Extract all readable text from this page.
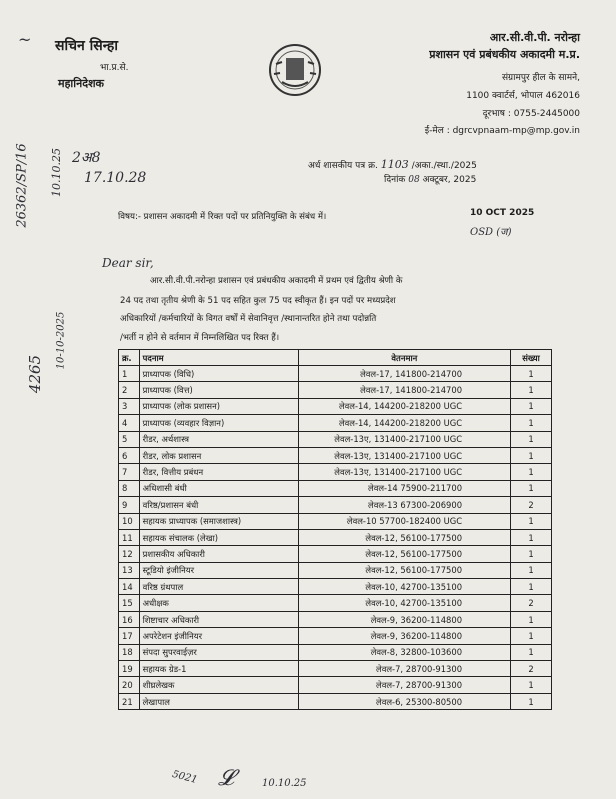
~ सचिन सिन्हा
भा.प्र.से.
महानिदेशक
आर.सी.वी.पी. नरोन्हा
प्रशासन एवं प्रबंधकीय अकादमी म.प्र.
संग्रामपुर हील के सामने,
1100 क्वार्टर्स, भोपाल 462016
दूरभाष : 0755-2445000
ई-मेल : dgrcvpnaam-mp@mp.gov.in
2अ8
17.10.28
26362/SP/16 10.10.25	अर्ध शासकीय पत्र क्र. 1103 /अका./स्था./2025
दिनांक 08 अक्टूबर, 2025
विषय:- प्रशासन अकादमी में रिक्त पदों पर प्रतिनियुक्ति के संबंध में।	10 OCT 2025
OSD (ज)
Dear sir,
4265
10-10-2025
आर.सी.वी.पी.नरोन्हा प्रशासन एवं प्रबंधकीय अकादमी में प्रथम एवं द्वितीय श्रेणी के
24 पद तथा तृतीय श्रेणी के 51 पद सहित कुल 75 पद स्वीकृत हैं। इन पदों पर मध्यप्रदेश
अधिकारियों /कर्मचारियों के विगत वर्षों में सेवानिवृत्त /स्थानान्तरित होने तथा पदोन्नति
/भर्ती न होने से वर्तमान में निम्नलिखित पद रिक्त हैं।
क्र.	पदनाम	वेतनमान	संख्या
1	प्राध्यापक (विधि)	लेवल-17, 141800-214700	1
2	प्राध्यापक (वित्त)	लेवल-17, 141800-214700	1
3	प्राध्यापक (लोक प्रशासन)	लेवल-14, 144200-218200 UGC	1
4	प्राध्यापक (व्यवहार विज्ञान)	लेवल-14, 144200-218200 UGC	1
5	रीडर, अर्थशास्त्र	लेवल-13ए, 131400-217100 UGC	1
6	रीडर, लोक प्रशासन	लेवल-13ए, 131400-217100 UGC	1
7	रीडर, वित्तीय प्रबंधन	लेवल-13ए, 131400-217100 UGC	1
8	अधिशासी बंधी	लेवल-14 75900-211700	1
9	वरिष्ठ/प्रशासन बंधी	लेवल-13 67300-206900	2
10	सहायक प्राध्यापक (समाजशास्त्र)	लेवल-10 57700-182400 UGC	1
11	सहायक संचालक (लेखा)	लेवल-12, 56100-177500	1
12	प्रशासकीय अधिकारी	लेवल-12, 56100-177500	1
13	स्टूडियो इंजीनियर	लेवल-12, 56100-177500	1
14	वरिष्ठ ग्रंथपाल	लेवल-10, 42700-135100	1
15	अधीक्षक	लेवल-10, 42700-135100	2
16	शिष्टाचार अधिकारी	लेवल-9, 36200-114800	1
17	अपरेटेशन इंजीनियर	लेवल-9, 36200-114800	1
18	संपदा सुपरवाईज़र	लेवल-8, 32800-103600	1
19	सहायक ग्रेड-1	लेवल-7, 28700-91300	2
20	शीघ्रलेखक	लेवल-7, 28700-91300	1
21	लेखापाल	लेवल-6, 25300-80500	1
5021 𝓛	10.10.25
